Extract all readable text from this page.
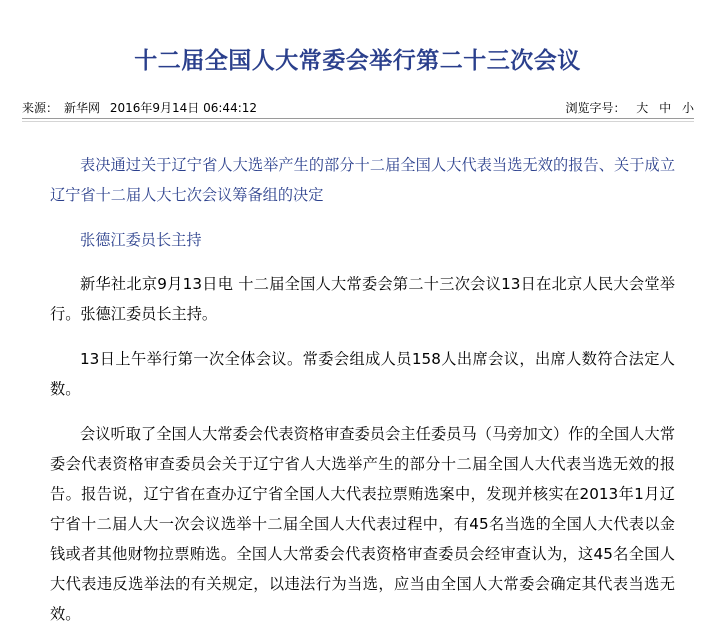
十二届全国人大常委会举行第二十三次会议
来源： 新华网 2016年9月14日 06:44:12	浏览字号： 大 中 小

表决通过关于辽宁省人大选举产生的部分十二届全国人大代表当选无效的报告、关于成立辽宁省十二届人大七次会议筹备组的决定

张德江委员长主持

新华社北京9月13日电 十二届全国人大常委会第二十三次会议13日在北京人民大会堂举行。张德江委员长主持。

13日上午举行第一次全体会议。常委会组成人员158人出席会议，出席人数符合法定人数。

会议听取了全国人大常委会代表资格审查委员会主任委员马（马旁加文）作的全国人大常委会代表资格审查委员会关于辽宁省人大选举产生的部分十二届全国人大代表当选无效的报告。报告说，辽宁省在查办辽宁省全国人大代表拉票贿选案中，发现并核实在2013年1月辽宁省十二届人大一次会议选举十二届全国人大代表过程中，有45名当选的全国人大代表以金钱或者其他财物拉票贿选。全国人大常委会代表资格审查委员会经审查认为，这45名全国人大代表违反选举法的有关规定，以违法行为当选，应当由全国人大常委会确定其代表当选无效。
